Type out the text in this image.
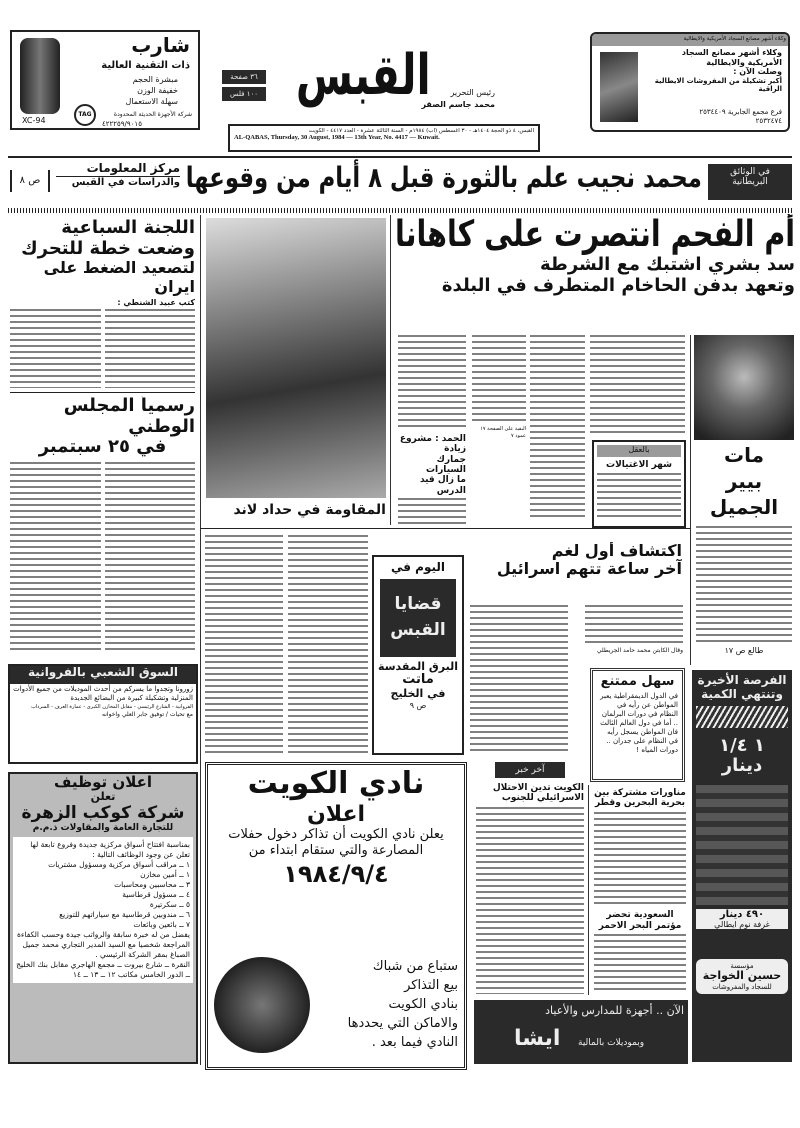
XC-94
شارب
ذات التقنية العالية
مبشرة الحجم
خفيفة الوزن
سهلة الاستعمال
TAG	شركة الأجهزة الحديثة المحدودة
٤٢٢٢٥٩/٩٠١٥
٣٦ صفحة
١٠٠ فلس القبس	رئيس التحرير
محمد جاسم الصقر
القبس، ٤ ذو الحجة ١٤٠٤هـ - ٣٠ أغسطس (آب) ١٩٨٤م - السنة الثالثة عشرة - العدد ٤٤١٧ - الكويت
AL-QABAS, Thursday, 30 August, 1984 — 13th Year, No. 4417 — Kuwait.
وكلاء أشهر مصانع السجاد الأمريكية والايطالية
وكلاء أشهر مصانع السجاد
الأمريكية والايطالية
وصلت الآن :
أكبر تشكيلة من المفروشات الايطالية الراقية
فرع مجمع الجابرية ٢٥٣٤٤٠٩
٢٥٣٢٤٧٤
في الوثائق البريطانية
محمد نجيب علم بالثورة قبل ٨ أيام من وقوعها
مركز المعلومات
والدراسات في القبس
ص ٨
اللجنة السباعية
وضعت خطة للتحرك
لتصعيد الضغط على ايران
كتب عبيد الشنطي :
رسمياً المجلس الوطني
في ٢٥ سبتمبر
السوق الشعبي بالفروانية
زورونا وتجدوا ما يسركم من أحدث الموديلات من جميع الأدوات المنزلية وتشكيلة كبيرة من البضائع الجديدة
الفروانية - الشارع الرئيسي - مقابل المخازن الكبرى - عمارة العرف - السرداب
مع تحيات / توفيق جابر العلي واخوانه
اعلان توظيف
تعلن
شركة كوكب الزهرة
للتجارة العامة والمقاولات ذ.م.م
بمناسبة افتتاح أسواق مركزية جديدة وفروع تابعة لها تعلن عن وجود الوظائف التالية :
١ ــ مراقب أسواق مركزية ومسؤول مشتريات
١ ــ أمين مخازن
٣ ــ محاسبين ومحاسبات
٤ ــ مسؤول قرطاسية
٥ ــ سكرتيرة
٦ ــ مندوبين قرطاسية مع سياراتهم للتوزيع
٧ ــ بائعين وبائعات
يفضل من له خبرة سابقة والرواتب جيدة وحسب الكفاءة المراجعة شخصيا مع السيد المدير التجاري محمد جميل الصباغ بمقر الشركة الرئيسي .
النقرة ــ شارع بيروت ــ مجمع الهاجري مقابل بنك الخليج ــ الدور الخامس مكاتب ١٢ ــ ١٣ ــ ١٤
المقاومة في حداد لاند
أم الفحم انتصرت على كاهانا
سد بشري اشتبك مع الشرطة
وتعهد بدفن الحاخام المتطرف في البلدة
الحمد : مشروع زيادة
جمارك السيارات
ما زال قيد الدرس
البقية على الصفحة ١٧ عمود ٧
بالعقل
شهر الاغتيالات	مات
بيير
الجميل
طالع ص ١٧
اليوم في
قضايا القبس
البرق المقدسة
ماتت
في الخليج
ص ٩
اكتشاف أول لغم
آخر ساعة تتهم اسرائيل
وقال الكابتن محمد حامد الجريطلي
سهل ممتنع
في الدول الديمقراطية يعبر المواطن عن رأيه في النظام في دورات البرلمان .. أما في دول العالم الثالث فان المواطن يسجل رأيه في النظام على جدران .. دورات المياه !
نادي الكويت
اعلان
يعلن نادي الكويت أن تذاكر دخول حفلات المصارعة والتي ستقام ابتداء من
١٩٨٤/٩/٤
ستباع من شباك
بيع التذاكر
بنادي الكويت
والاماكن التي يحددها
النادي فيما بعد .
آخر خبر
الكويت تدين الاحتلال
الاسرائيلي للجنوب
مناورات مشتركة بين
بحرية البحرين وقطر
السعودية تحضر
مؤتمر البحر الاحمر
الفرصة الأخيرة
وتنتهي الكمية
١ ١/٤ دينار
٤٩٠ دينار
غرفة نوم ايطالي
مؤسسة
حسين الخواجة
للسجاد والمفروشات
الآن .. أجهزة للمدارس والأعياد
ايشا وبموديلات بالمالية
